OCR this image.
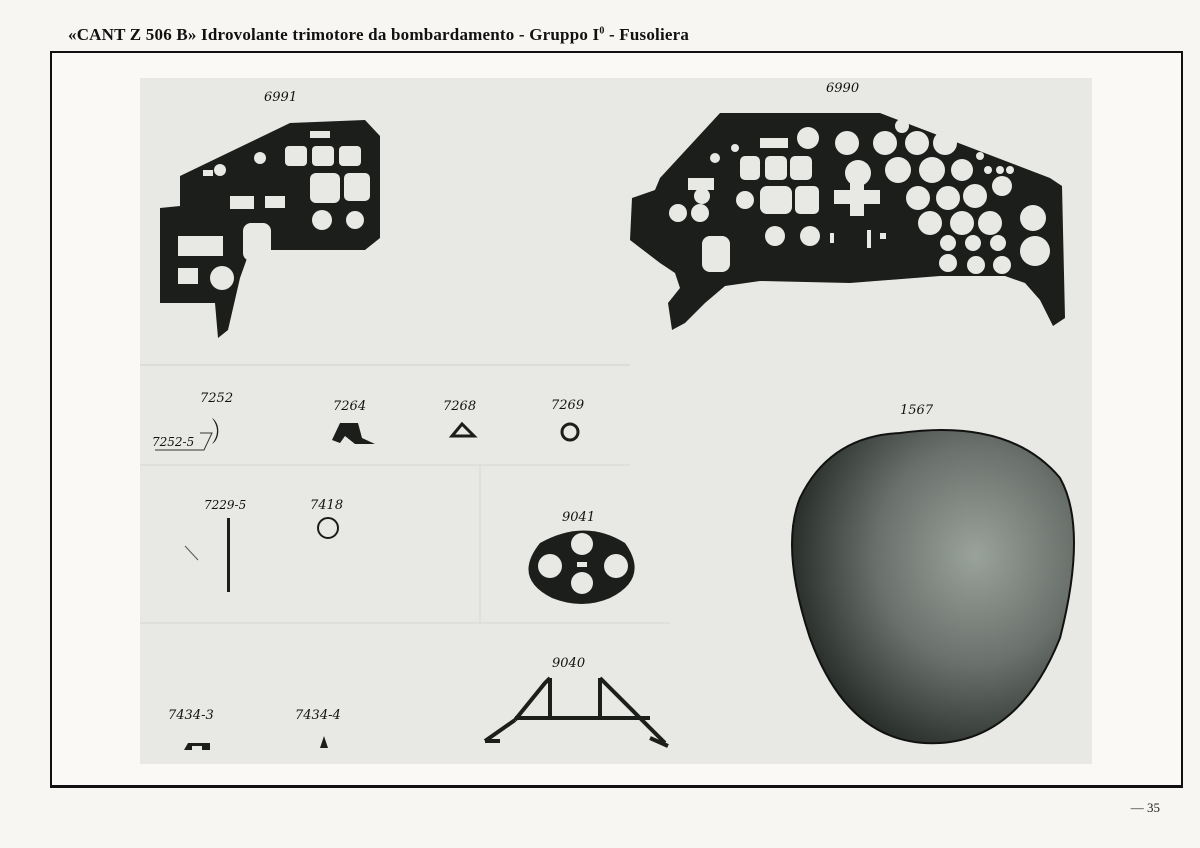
«CANT Z 506 B» Idrovolante trimotore da bombardamento - Gruppo $I^0$ - Fusoliera
6991
6990
7252
7252-5
7264	7268	7269	1567
7229-5	7418
9041
9040
7434-3	7434-4
— 35
